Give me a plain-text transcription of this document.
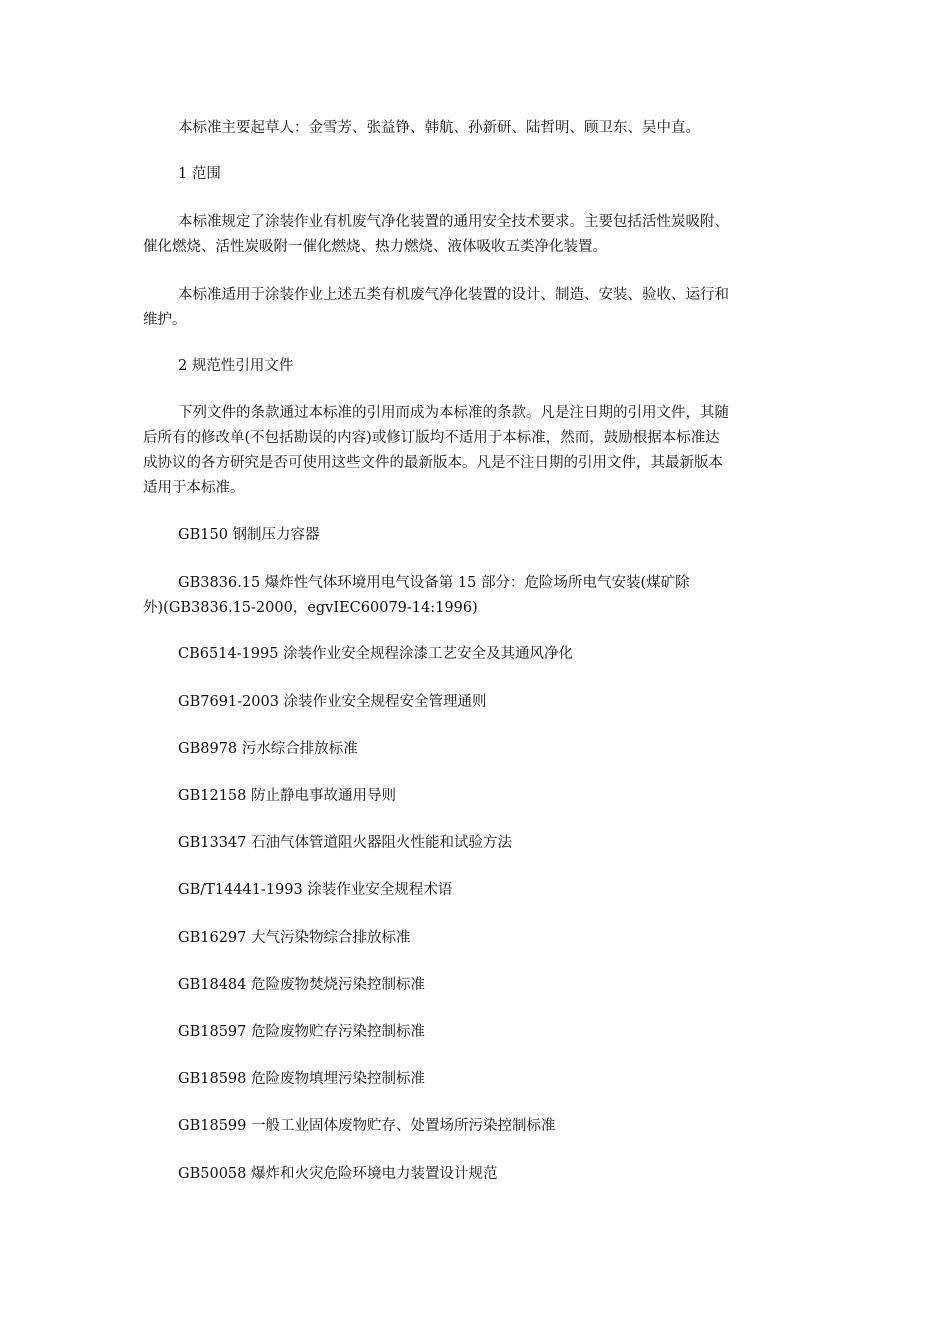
本标准主要起草人：金雪芳、张益铮、韩航、孙新研、陆哲明、顾卫东、吴中直。

1 范围

本标准规定了涂装作业有机废气净化装置的通用安全技术要求。主要包括活性炭吸附、

催化燃烧、活性炭吸附一催化燃烧、热力燃烧、液体吸收五类净化装置。

本标准适用于涂装作业上述五类有机废气净化装置的设计、制造、安装、验收、运行和

维护。

2 规范性引用文件

下列文件的条款通过本标准的引用而成为本标准的条款。凡是注日期的引用文件，其随

后所有的修改单(不包括勘误的内容)或修订版均不适用于本标准，然而，鼓励根据本标准达

成协议的各方研究是否可使用这些文件的最新版本。凡是不注日期的引用文件，其最新版本

适用于本标准。

GB150 钢制压力容器

GB3836.15 爆炸性气体环境用电气设备第 15 部分：危险场所电气安装(煤矿除

外)(GB3836.15-2000，egvIEC60079-14:1996)

CB6514-1995 涂装作业安全规程涂漆工艺安全及其通风净化

GB7691-2003 涂装作业安全规程安全管理通则

GB8978 污水综合排放标准

GB12158 防止静电事故通用导则

GB13347 石油气体管道阻火器阻火性能和试验方法

GB/T14441-1993 涂装作业安全规程术语

GB16297 大气污染物综合排放标准

GB18484 危险废物焚烧污染控制标准

GB18597 危险废物贮存污染控制标准

GB18598 危险废物填埋污染控制标准

GB18599 一般工业固体废物贮存、处置场所污染控制标准

GB50058 爆炸和火灾危险环境电力装置设计规范
